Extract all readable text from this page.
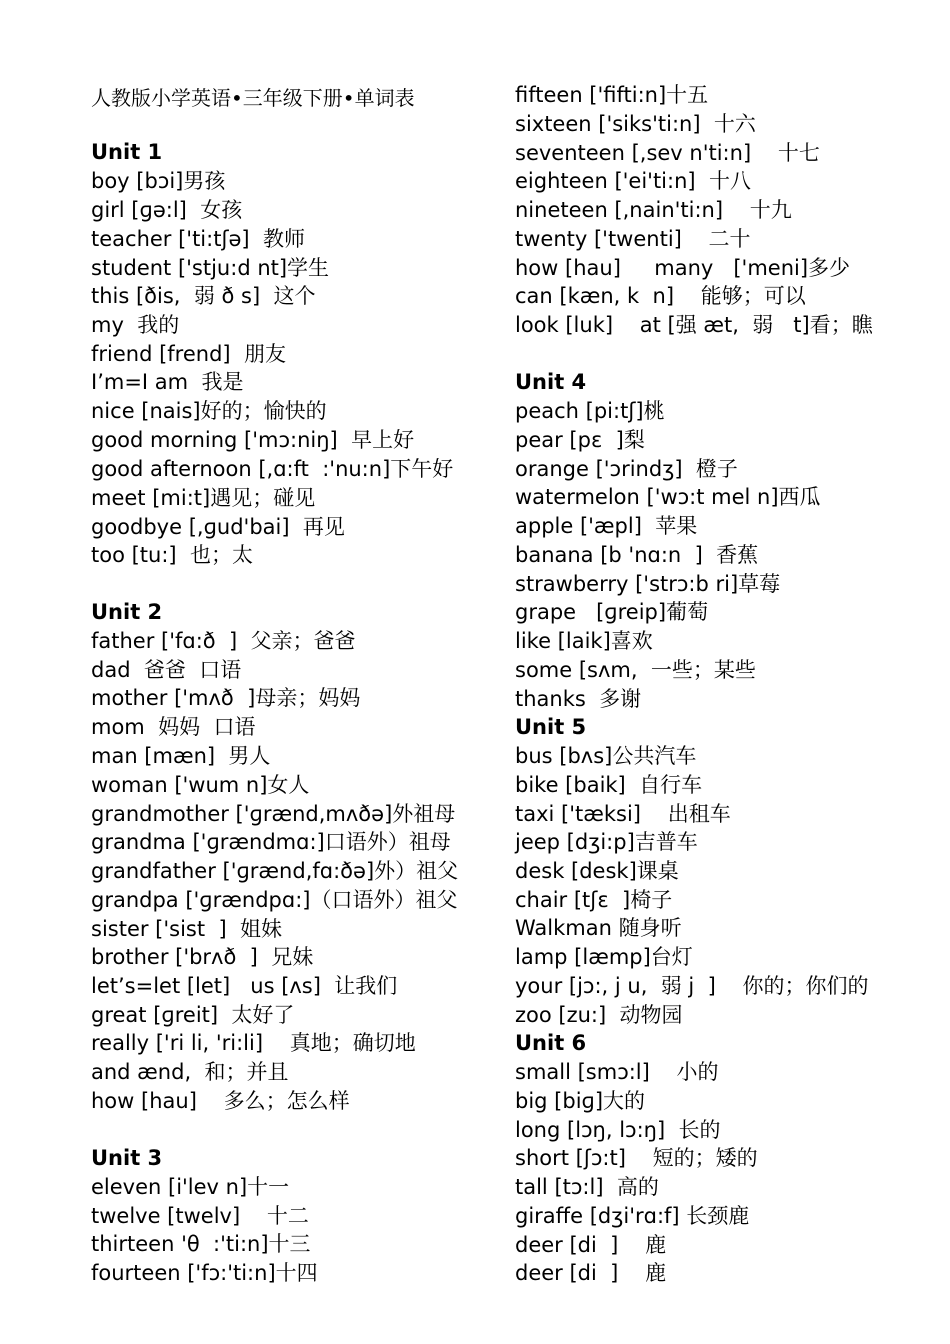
人教版小学英语•三年级下册•单词表
Unit 1
boy [bɔi]男孩
girl [ɡə:l]  女孩
teacher ['ti:tʃə]  教师
student ['stju:d nt]学生
this [ðis,  弱 ð s]  这个
my  我的
friend [frend]  朋友
I’m=I am  我是
nice [nais]好的；愉快的
good morning ['mɔ:niŋ]  早上好
good afternoon [,ɑ:ft  :'nu:n]下午好
meet [mi:t]遇见；碰见
goodbye [,ɡud'bai]  再见
too [tu:]  也；太
Unit 2
father ['fɑ:ð  ]  父亲；爸爸
dad  爸爸  口语
mother ['mʌð  ]母亲；妈妈
mom  妈妈  口语
man [mæn]  男人
woman ['wum n]女人
grandmother ['ɡrænd,mʌðə]外祖母
grandma ['ɡrændmɑ:]口语外）祖母
grandfather ['ɡrænd,fɑ:ðə]外）祖父
grandpa ['ɡrændpɑ:]（口语外）祖父
sister ['sist  ]  姐妹
brother ['brʌð  ]  兄妹
let’s=let [let]   us [ʌs]  让我们
great [ɡreit]  太好了
really ['ri li, 'ri:li]    真地；确切地
and ænd,  和；并且
how [hau]    多么；怎么样
Unit 3
eleven [i'lev n]十一
twelve [twelv]    十二
thirteen 'θ  :'ti:n]十三
fourteen ['fɔ:'ti:n]十四
fifteen ['fifti:n]十五
sixteen ['siks'ti:n]  十六
seventeen [,sev n'ti:n]    十七
eighteen ['ei'ti:n]  十八
nineteen [,nain'ti:n]    十九
twenty ['twenti]    二十
how [hau]     many   ['meni]多少
can [kæn, k  n]    能够；可以
look [luk]    at [强 æt,  弱   t]看；瞧
Unit 4
peach [pi:tʃ]桃
pear [pɛ  ]梨
orange ['ɔrindʒ]  橙子
watermelon ['wɔ:t mel n]西瓜
apple ['æpl]  苹果
banana [b 'nɑ:n  ]  香蕉
strawberry ['strɔ:b ri]草莓
grape   [ɡreip]葡萄
like [laik]喜欢
some [sʌm,  一些；某些
thanks  多谢
Unit 5
bus [bʌs]公共汽车
bike [baik]  自行车
taxi ['tæksi]    出租车
jeep [dʒi:p]吉普车
desk [desk]课桌
chair [tʃɛ  ]椅子
Walkman 随身听
lamp [læmp]台灯
your [jɔ:, j u,  弱 j  ]    你的；你们的
zoo [zu:]  动物园
Unit 6
small [smɔ:l]    小的
big [biɡ]大的
long [lɔŋ, lɔ:ŋ]  长的
short [ʃɔ:t]    短的；矮的
tall [tɔ:l]  高的
giraffe [dʒi'rɑ:f] 长颈鹿
deer [di  ]    鹿
deer [di  ]    鹿
